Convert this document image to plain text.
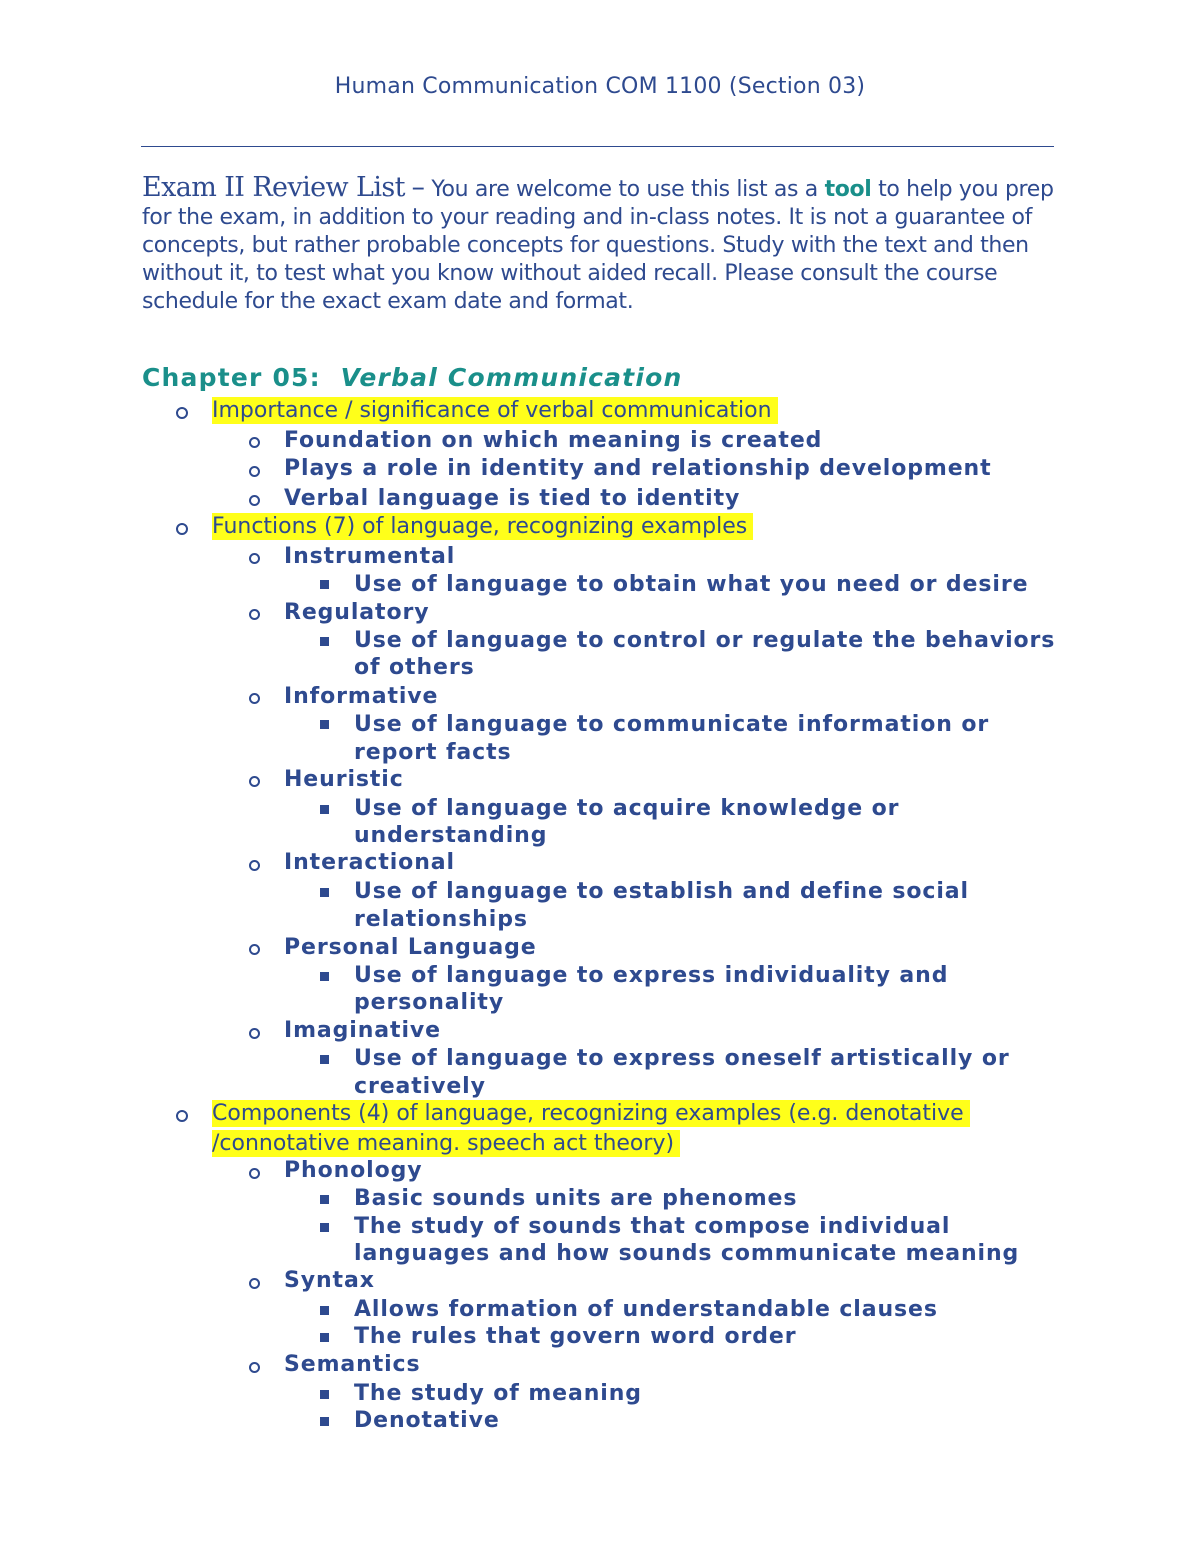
Human Communication COM 1100 (Section 03)
Exam II Review List – You are welcome to use this list as a tool to help you prep for the exam, in addition to your reading and in-class notes. It is not a guarantee of concepts, but rather probable concepts for questions. Study with the text and then without it, to test what you know without aided recall. Please consult the course schedule for the exact exam date and format.
Chapter 05: Verbal Communication
Importance / significance of verbal communication
Foundation on which meaning is created
Plays a role in identity and relationship development
Verbal language is tied to identity
Functions (7) of language, recognizing examples
Instrumental
Use of language to obtain what you need or desire
Regulatory
Use of language to control or regulate the behaviors
of others
Informative
Use of language to communicate information or
report facts
Heuristic
Use of language to acquire knowledge or
understanding
Interactional
Use of language to establish and define social
relationships
Personal Language
Use of language to express individuality and
personality
Imaginative
Use of language to express oneself artistically or
creatively
Components (4) of language, recognizing examples (e.g. denotative
/connotative meaning. speech act theory)
Phonology
Basic sounds units are phenomes
The study of sounds that compose individual
languages and how sounds communicate meaning
Syntax
Allows formation of understandable clauses
The rules that govern word order
Semantics
The study of meaning
Denotative
